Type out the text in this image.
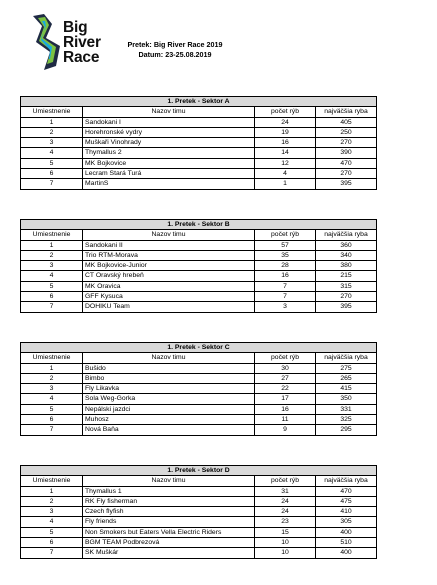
Big
River
Race
Pretek: Big River Race 2019
Datum: 23-25.08.2019
1. Pretek - Sektor A			
Umiestnenie	Nazov timu	počet rýb	najväčšia ryba
1	Sandokani I	24	405
2	Horehronské vydry	19	250
3	Muškaři Vinohrady	16	270
4	Thymallus 2	14	390
5	MK Bojkovice	12	470
6	Lecram Stará Turá	4	270
7	MartinS	1	395
1. Pretek - Sektor B			
Umiestnenie	Nazov timu	počet rýb	najväčšia ryba
1	Sandokani II	57	360
2	Trio RTM-Morava	35	340
3	MK Bojkovice-Junior	28	380
4	CT Oravský hrebeň	16	215
5	MK Oravica	7	315
6	GFF Kysuca	7	270
7	DOHIKU Team	3	395
1. Pretek - Sektor C			
Umiestnenie	Nazov timu	počet rýb	najväčšia ryba
1	Bušido	30	275
2	Bimbo	27	265
3	Fly Likavka	22	415
4	Sola Weg-Gorka	17	350
5	Nepálski jazdci	16	331
6	Muhosz	11	325
7	Nová Baňa	9	295
1. Pretek - Sektor D			
Umiestnenie	Nazov timu	počet rýb	najväčšia ryba
1	Thymallus 1	31	470
2	RK Fly fisherman	24	475
3	Czech flyfish	24	410
4	Fly friends	23	305
5	Non Smokers but Eaters Vella Electric Riders	15	400
6	BGM TEAM Podbrezová	10	510
7	SK Muškár	10	400
